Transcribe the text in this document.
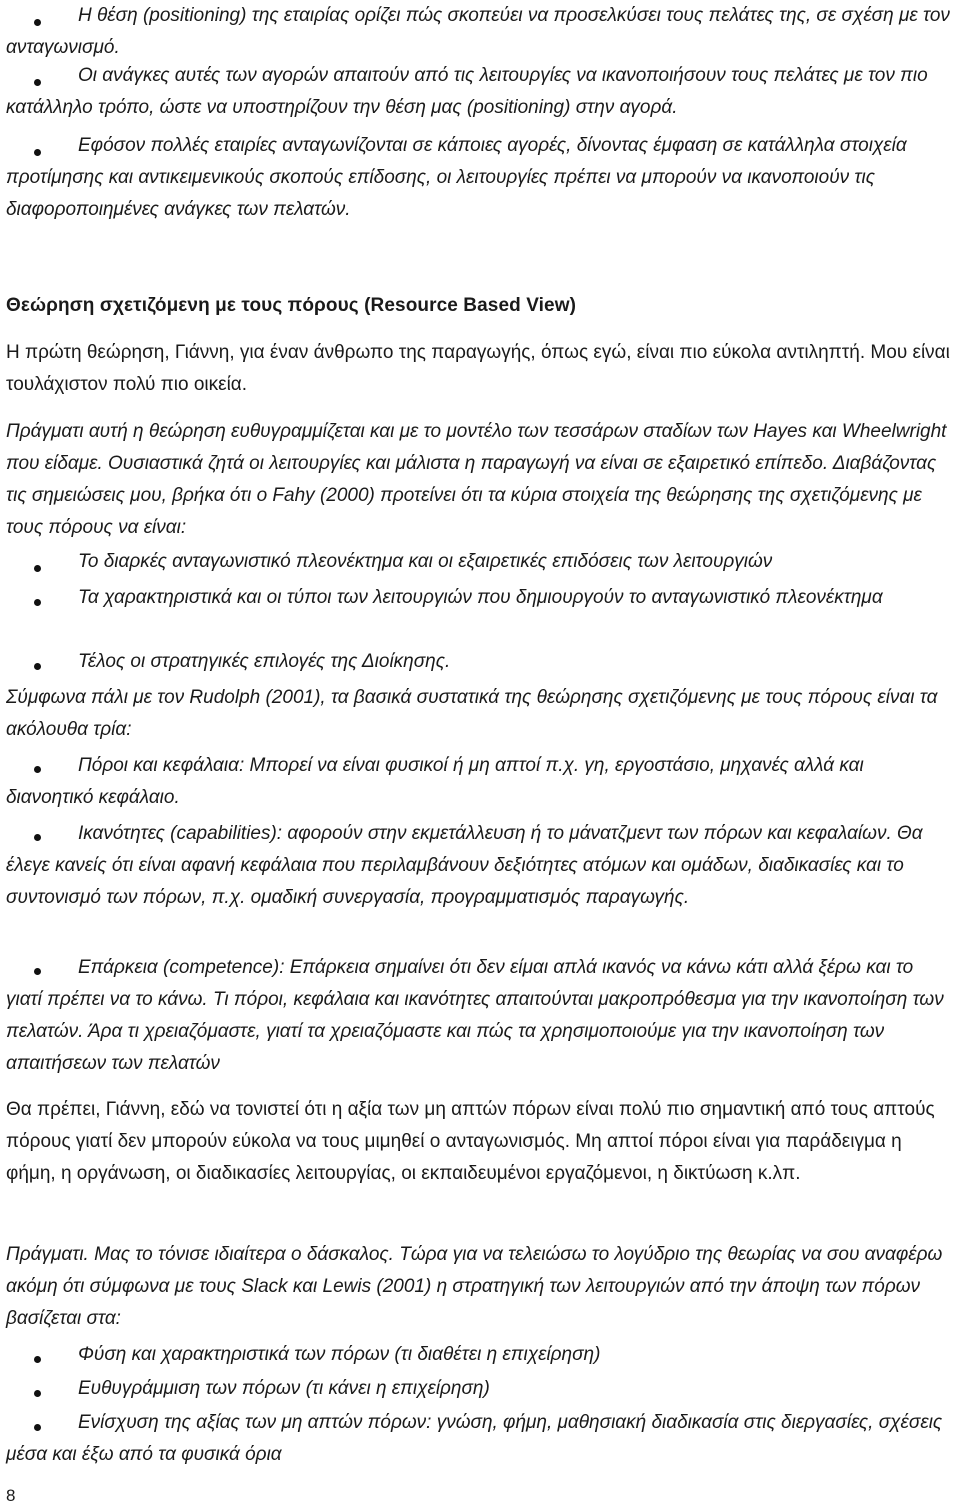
Η θέση (positioning) της εταιρίας ορίζει πώς σκοπεύει να προσελκύσει τους πελάτες της, σε σχέση με τον ανταγωνισμό.

Οι ανάγκες αυτές των αγορών απαιτούν από τις λειτουργίες να ικανοποιήσουν τους πελάτες με τον πιο κατάλληλο τρόπο, ώστε να υποστηρίζουν την θέση μας (positioning) στην αγορά.

Εφόσον πολλές εταιρίες ανταγωνίζονται σε κάποιες αγορές, δίνοντας έμφαση σε κατάλληλα στοιχεία προτίμησης και αντικειμενικούς σκοπούς επίδοσης, οι λειτουργίες πρέπει να μπορούν να ικανοποιούν τις διαφοροποιημένες ανάγκες των πελατών.

Θεώρηση σχετιζόμενη με τους πόρους (Resource Based View)

Η πρώτη θεώρηση, Γιάννη, για έναν άνθρωπο της παραγωγής, όπως εγώ, είναι πιο εύκολα αντιληπτή. Μου είναι τουλάχιστον πολύ πιο οικεία.

Πράγματι αυτή η θεώρηση ευθυγραμμίζεται και με το μοντέλο των τεσσάρων σταδίων των Hayes και Wheelwright που είδαμε. Ουσιαστικά ζητά οι λειτουργίες και μάλιστα η παραγωγή να είναι σε εξαιρετικό επίπεδο. Διαβάζοντας τις σημειώσεις μου, βρήκα ότι ο Fahy (2000) προτείνει ότι τα κύρια στοιχεία της θεώρησης της σχετιζόμενης με τους πόρους να είναι:

Το διαρκές ανταγωνιστικό πλεονέκτημα και οι εξαιρετικές επιδόσεις των λειτουργιών

Τα χαρακτηριστικά και οι τύποι των λειτουργιών που δημιουργούν το ανταγωνιστικό πλεονέκτημα

Τέλος οι στρατηγικές επιλογές της Διοίκησης.

Σύμφωνα πάλι με τον Rudolph (2001), τα βασικά συστατικά της θεώρησης σχετιζόμενης με τους πόρους είναι τα ακόλουθα τρία:

Πόροι και κεφάλαια: Μπορεί να είναι φυσικοί ή μη απτοί π.χ. γη, εργοστάσιο, μηχανές αλλά και διανοητικό κεφάλαιο.

Ικανότητες (capabilities): αφορούν στην εκμετάλλευση ή το μάνατζμεντ των πόρων και κεφαλαίων. Θα έλεγε κανείς ότι είναι αφανή κεφάλαια που περιλαμβάνουν δεξιότητες ατόμων και ομάδων, διαδικασίες και το συντονισμό των πόρων, π.χ. ομαδική συνεργασία, προγραμματισμός παραγωγής.

Επάρκεια (competence): Επάρκεια σημαίνει ότι δεν είμαι απλά ικανός να κάνω κάτι αλλά ξέρω και το γιατί πρέπει να το κάνω. Τι πόροι, κεφάλαια και ικανότητες απαιτούνται μακροπρόθεσμα για την ικανοποίηση των πελατών. Άρα τι χρειαζόμαστε, γιατί τα χρειαζόμαστε και πώς τα χρησιμοποιούμε για την ικανοποίηση των απαιτήσεων των πελατών

Θα πρέπει, Γιάννη, εδώ να τονιστεί ότι η αξία των μη απτών πόρων είναι πολύ πιο σημαντική από τους απτούς πόρους γιατί δεν μπορούν εύκολα να τους μιμηθεί ο ανταγωνισμός. Μη απτοί πόροι είναι για παράδειγμα η φήμη, η οργάνωση, οι διαδικασίες λειτουργίας, οι εκπαιδευμένοι εργαζόμενοι, η δικτύωση κ.λπ.

Πράγματι. Μας το τόνισε ιδιαίτερα ο δάσκαλος. Τώρα για να τελειώσω το λογύδριο της θεωρίας να σου αναφέρω ακόμη ότι σύμφωνα με τους Slack και Lewis (2001) η στρατηγική των λειτουργιών από την άποψη των πόρων βασίζεται στα:

Φύση και χαρακτηριστικά των πόρων (τι διαθέτει η επιχείρηση)

Ευθυγράμμιση των πόρων (τι κάνει η επιχείρηση)

Ενίσχυση της αξίας των μη απτών πόρων: γνώση, φήμη, μαθησιακή διαδικασία στις διεργασίες, σχέσεις μέσα και έξω από τα φυσικά όρια

8
